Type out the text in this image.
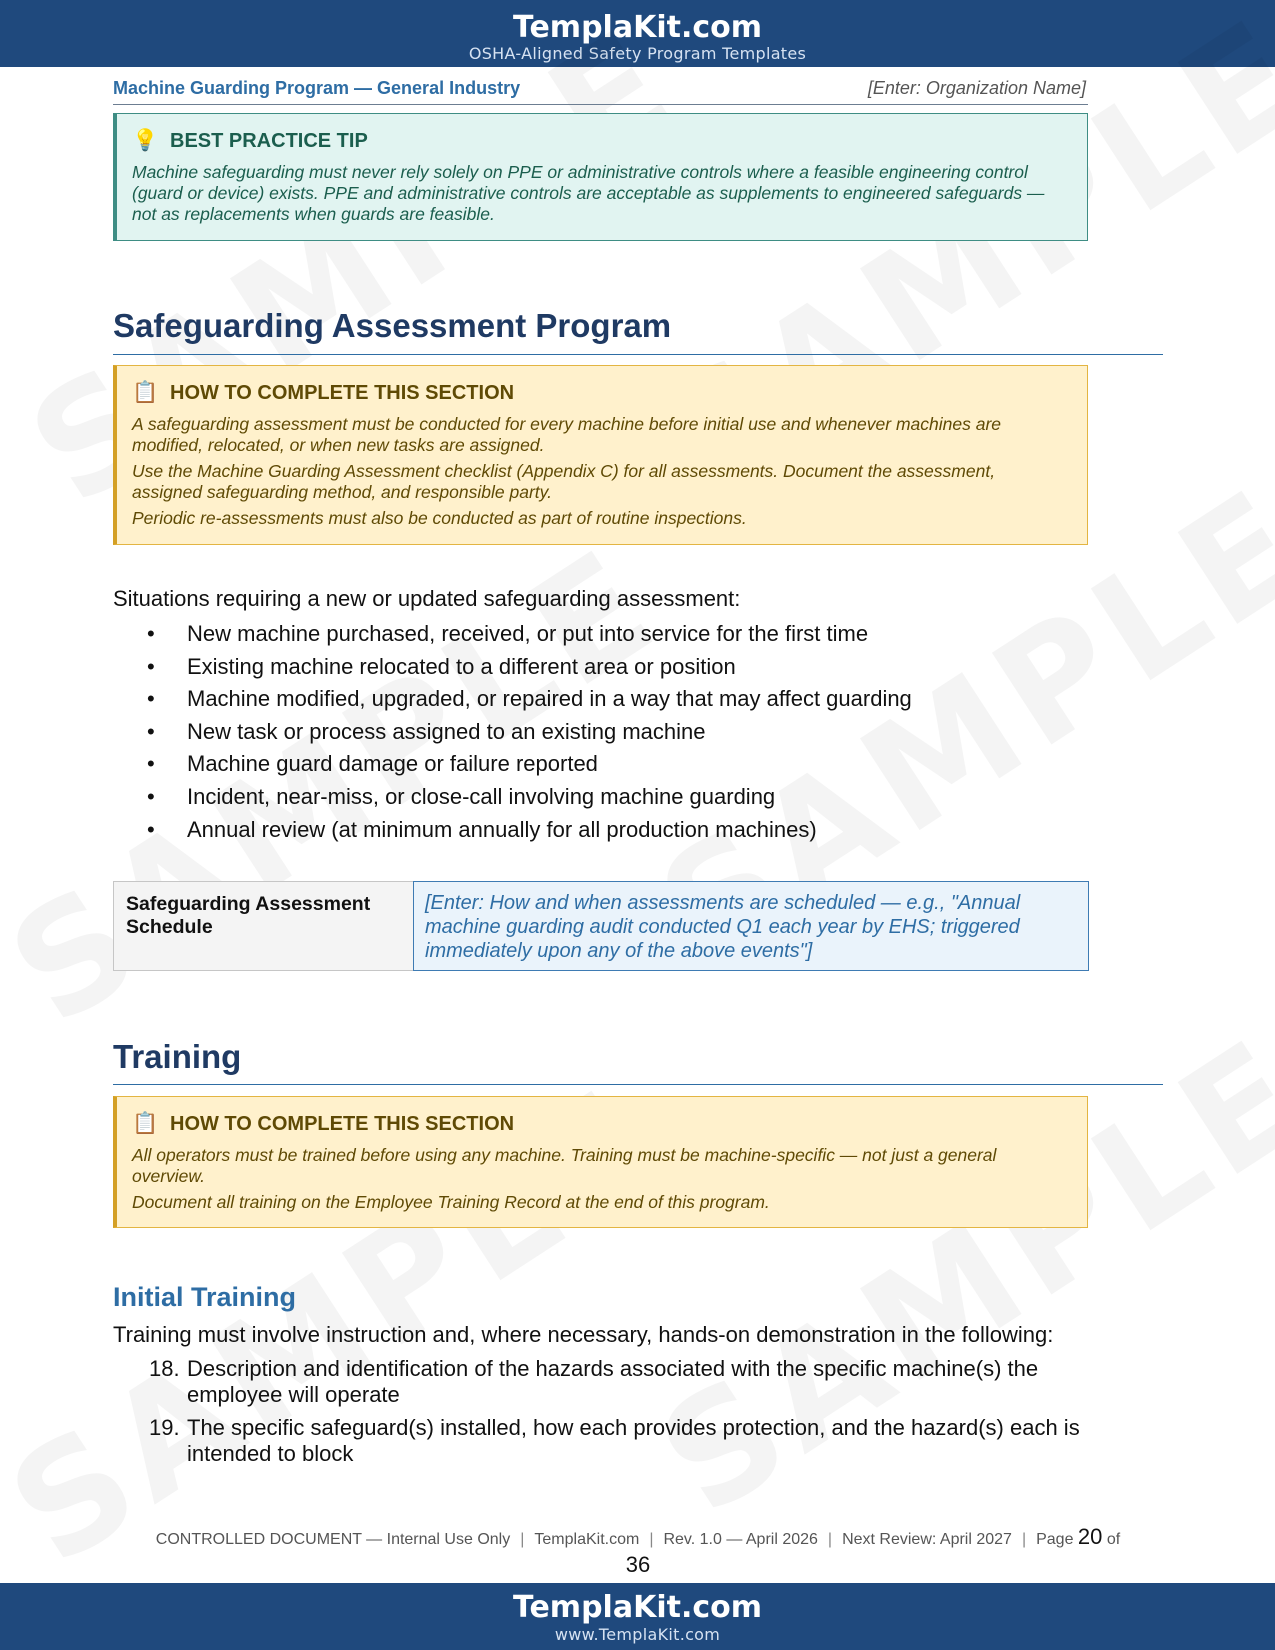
TemplaKit.com
OSHA-Aligned Safety Program Templates
Machine Guarding Program — General Industry	[Enter: Organization Name]
💡 BEST PRACTICE TIP

Machine safeguarding must never rely solely on PPE or administrative controls where a feasible engineering control (guard or device) exists. PPE and administrative controls are acceptable as supplements to engineered safeguards — not as replacements when guards are feasible.

Safeguarding Assessment Program
📋 HOW TO COMPLETE THIS SECTION

A safeguarding assessment must be conducted for every machine before initial use and whenever machines are modified, relocated, or when new tasks are assigned.

Use the Machine Guarding Assessment checklist (Appendix C) for all assessments. Document the assessment, assigned safeguarding method, and responsible party.

Periodic re-assessments must also be conducted as part of routine inspections.

Situations requiring a new or updated safeguarding assessment:
• New machine purchased, received, or put into service for the first time
• Existing machine relocated to a different area or position
• Machine modified, upgraded, or repaired in a way that may affect guarding
• New task or process assigned to an existing machine
• Machine guard damage or failure reported
• Incident, near-miss, or close-call involving machine guarding
• Annual review (at minimum annually for all production machines)
Safeguarding Assessment Schedule
[Enter: How and when assessments are scheduled — e.g., "Annual machine guarding audit conducted Q1 each year by EHS; triggered immediately upon any of the above events"]
Training
📋 HOW TO COMPLETE THIS SECTION

All operators must be trained before using any machine. Training must be machine-specific — not just a general overview.

Document all training on the Employee Training Record at the end of this program.

Initial Training
Training must involve instruction and, where necessary, hands-on demonstration in the following:
18. Description and identification of the hazards associated with the specific machine(s) the employee will operate
19. The specific safeguard(s) installed, how each provides protection, and the hazard(s) each is intended to block
CONTROLLED DOCUMENT — Internal Use Only | TemplaKit.com | Rev. 1.0 — April 2026 | Next Review: April 2027 | Page 20 of
36
TemplaKit.com
www.TemplaKit.com
